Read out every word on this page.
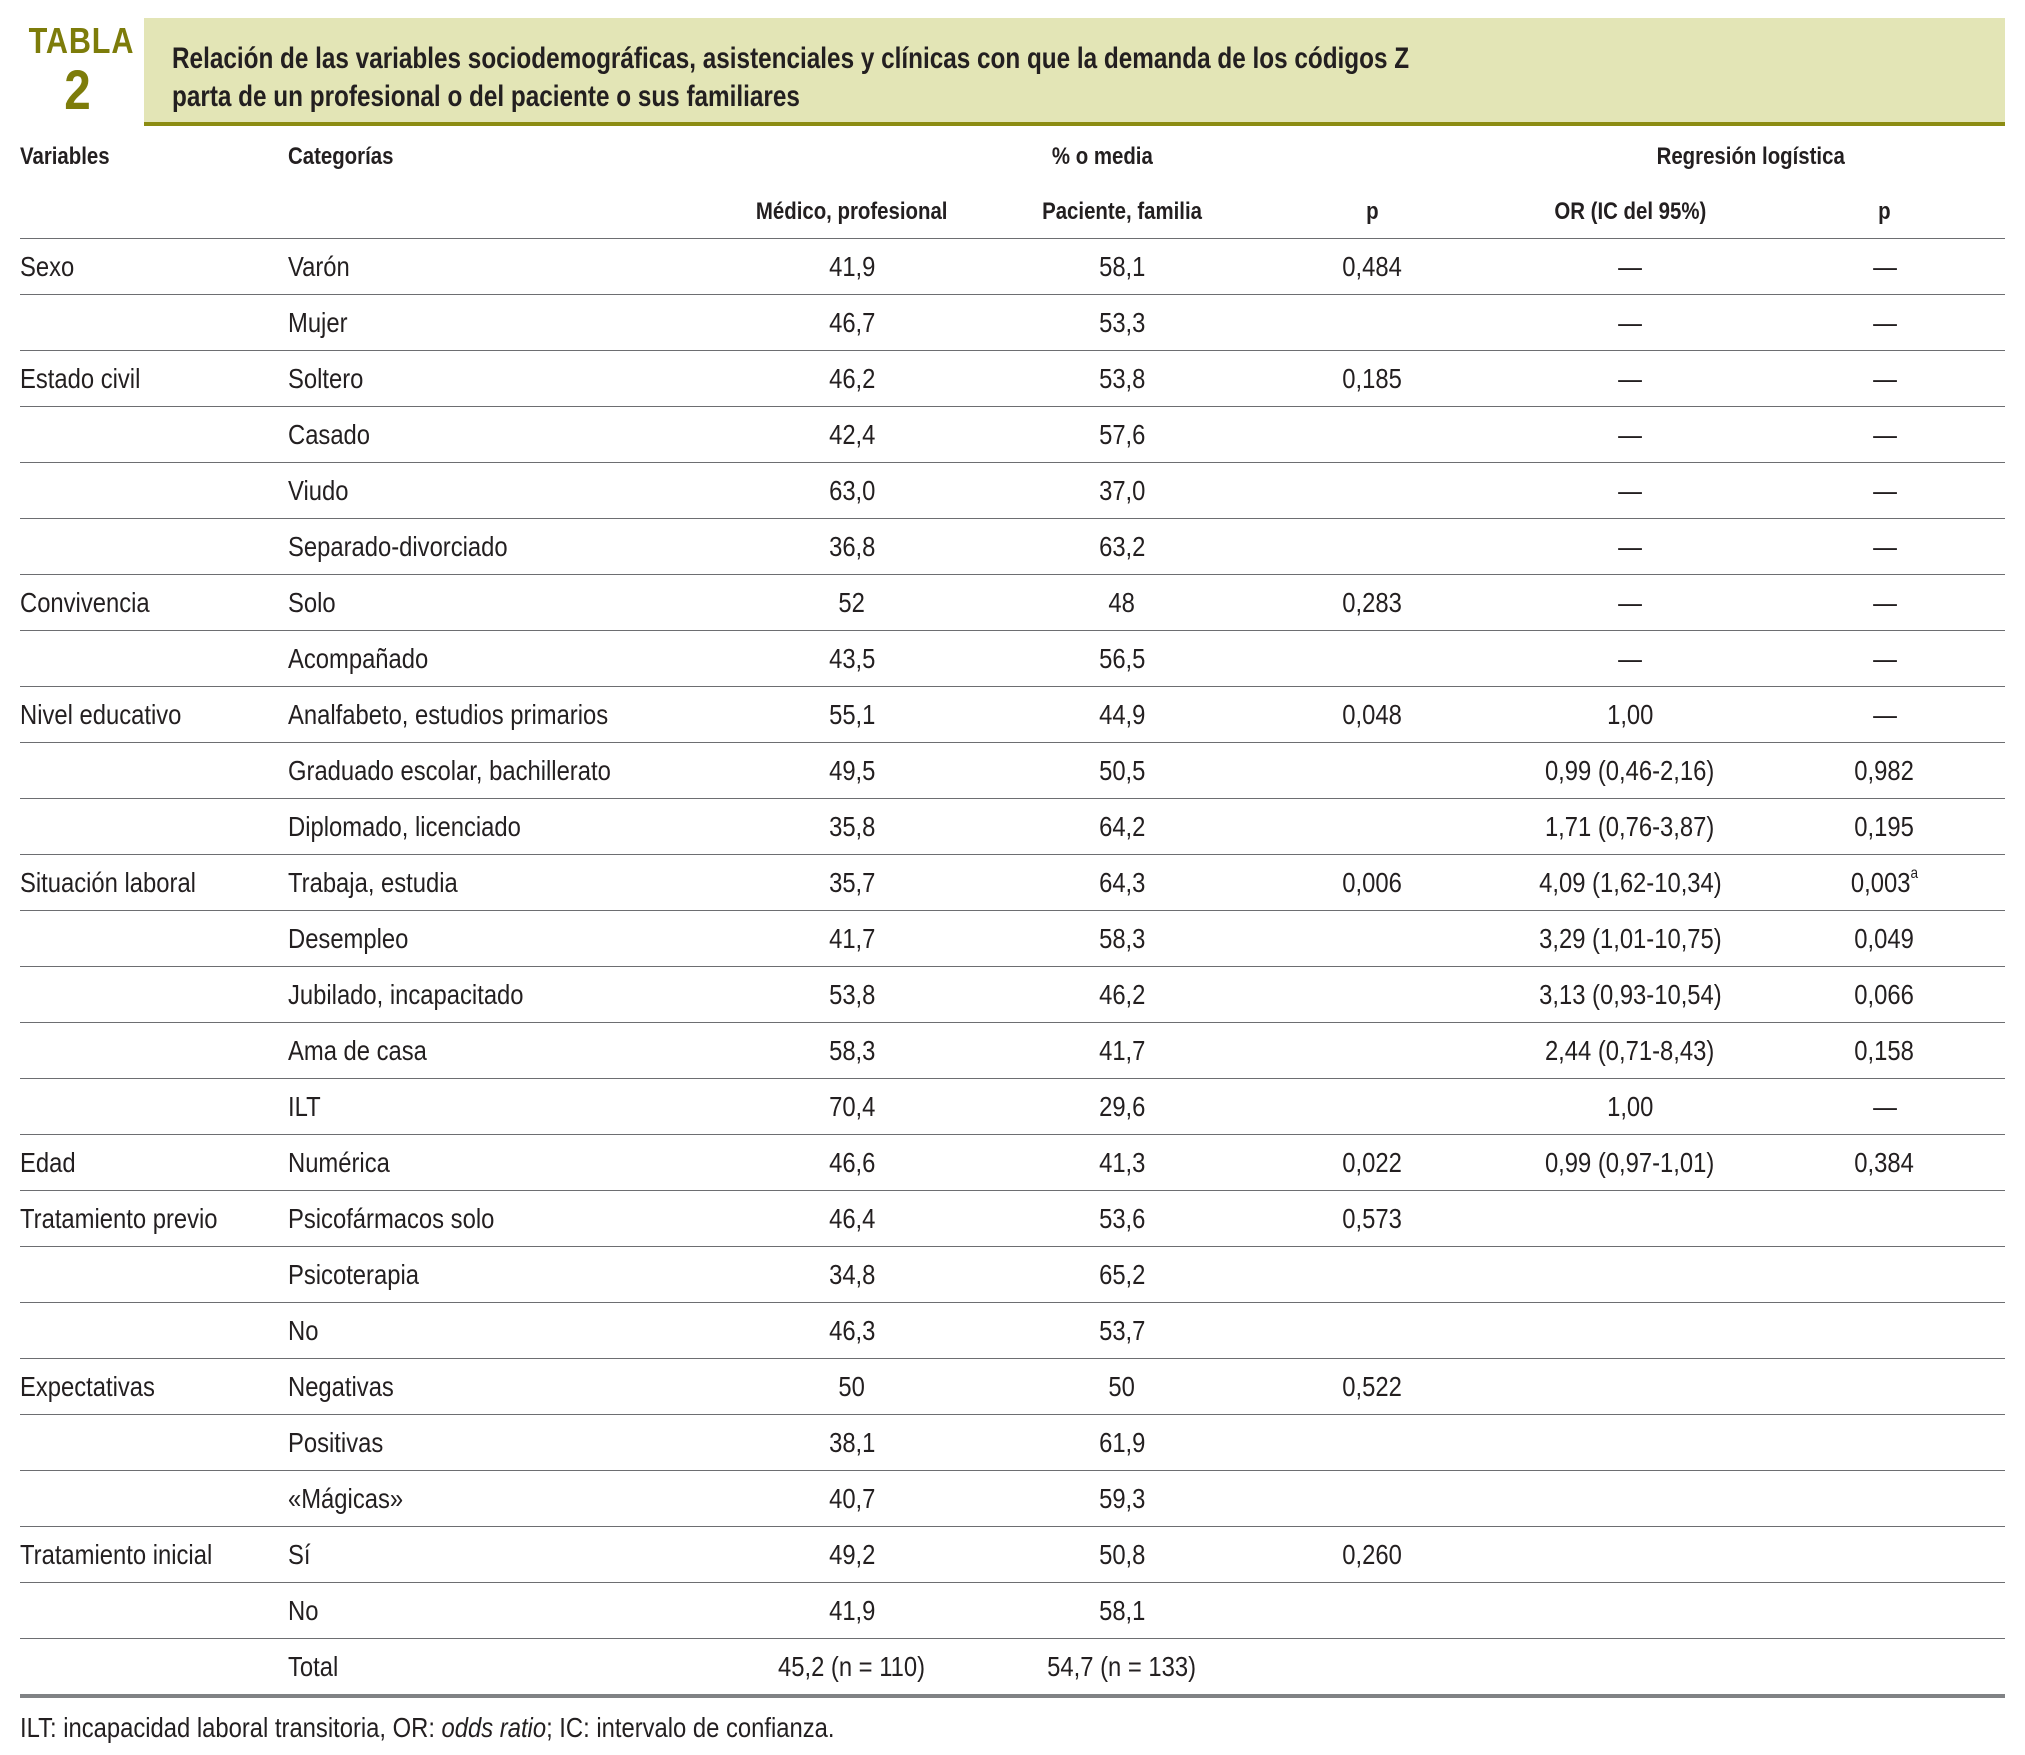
TABLA
2	Relación de las variables sociodemográficas, asistenciales y clínicas con que la demanda de los códigos Z
parta de un profesional o del paciente o sus familiares
Variables	Categorías	% o media			Regresión logística	
		Médico, profesional	Paciente, familia	p	OR (IC del 95%)	p
Sexo	Varón	41,9	58,1	0,484	—	—
	Mujer	46,7	53,3		—	—
Estado civil	Soltero	46,2	53,8	0,185	—	—
	Casado	42,4	57,6		—	—
	Viudo	63,0	37,0		—	—
	Separado-divorciado	36,8	63,2		—	—
Convivencia	Solo	52	48	0,283	—	—
	Acompañado	43,5	56,5		—	—
Nivel educativo	Analfabeto, estudios primarios	55,1	44,9	0,048	1,00	—
	Graduado escolar, bachillerato	49,5	50,5		0,99 (0,46-2,16)	0,982
	Diplomado, licenciado	35,8	64,2		1,71 (0,76-3,87)	0,195
Situación laboral	Trabaja, estudia	35,7	64,3	0,006	4,09 (1,62-10,34)	0,003$^a$
	Desempleo	41,7	58,3		3,29 (1,01-10,75)	0,049
	Jubilado, incapacitado	53,8	46,2		3,13 (0,93-10,54)	0,066
	Ama de casa	58,3	41,7		2,44 (0,71-8,43)	0,158
	ILT	70,4	29,6		1,00	—
Edad	Numérica	46,6	41,3	0,022	0,99 (0,97-1,01)	0,384
Tratamiento previo	Psicofármacos solo	46,4	53,6	0,573		
	Psicoterapia	34,8	65,2			
	No	46,3	53,7			
Expectativas	Negativas	50	50	0,522		
	Positivas	38,1	61,9			
	«Mágicas»	40,7	59,3			
Tratamiento inicial	Sí	49,2	50,8	0,260		
	No	41,9	58,1			
	Total	45,2 (n = 110)	54,7 (n = 133)			
ILT: incapacidad laboral transitoria, OR: odds ratio; IC: intervalo de confianza.
